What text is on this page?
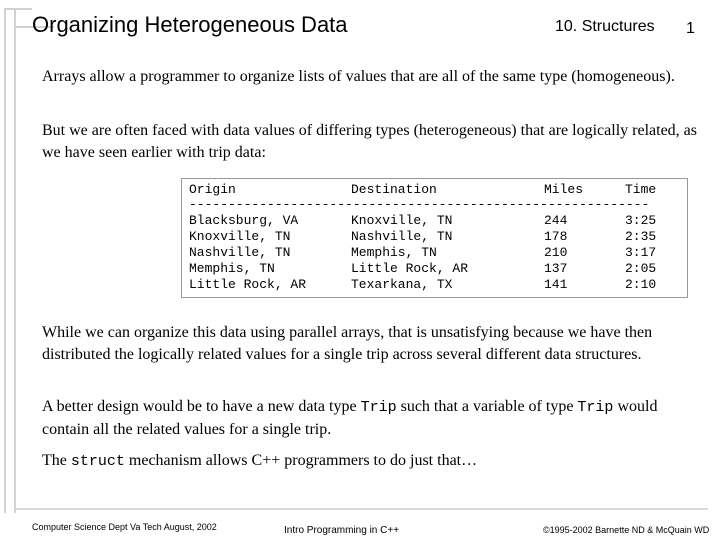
Organizing Heterogeneous Data	10. Structures 1
Arrays allow a programmer to organize lists of values that are all of the same type (homogeneous).
But we are often faced with data values of differing types (heterogeneous) that are logically related, as we have seen earlier with trip data:
Origin	Destination	Miles	Time
-----------------------------------------------------------
Blacksburg, VA	Knoxville, TN	244	3:25
Knoxville, TN	Nashville, TN	178	2:35
Nashville, TN	Memphis, TN	210	3:17
Memphis, TN	Little Rock, AR	137	2:05
Little Rock, AR	Texarkana, TX	141	2:10
While we can organize this data using parallel arrays, that is unsatisfying because we have then distributed the logically related values for a single trip across several different data structures.
A better design would be to have a new data type Trip such that a variable of type Trip would contain all the related values for a single trip.
The struct mechanism allows C++ programmers to do just that…
Computer Science Dept Va Tech August, 2002	Intro Programming in C++	©1995-2002 Barnette ND & McQuain WD
